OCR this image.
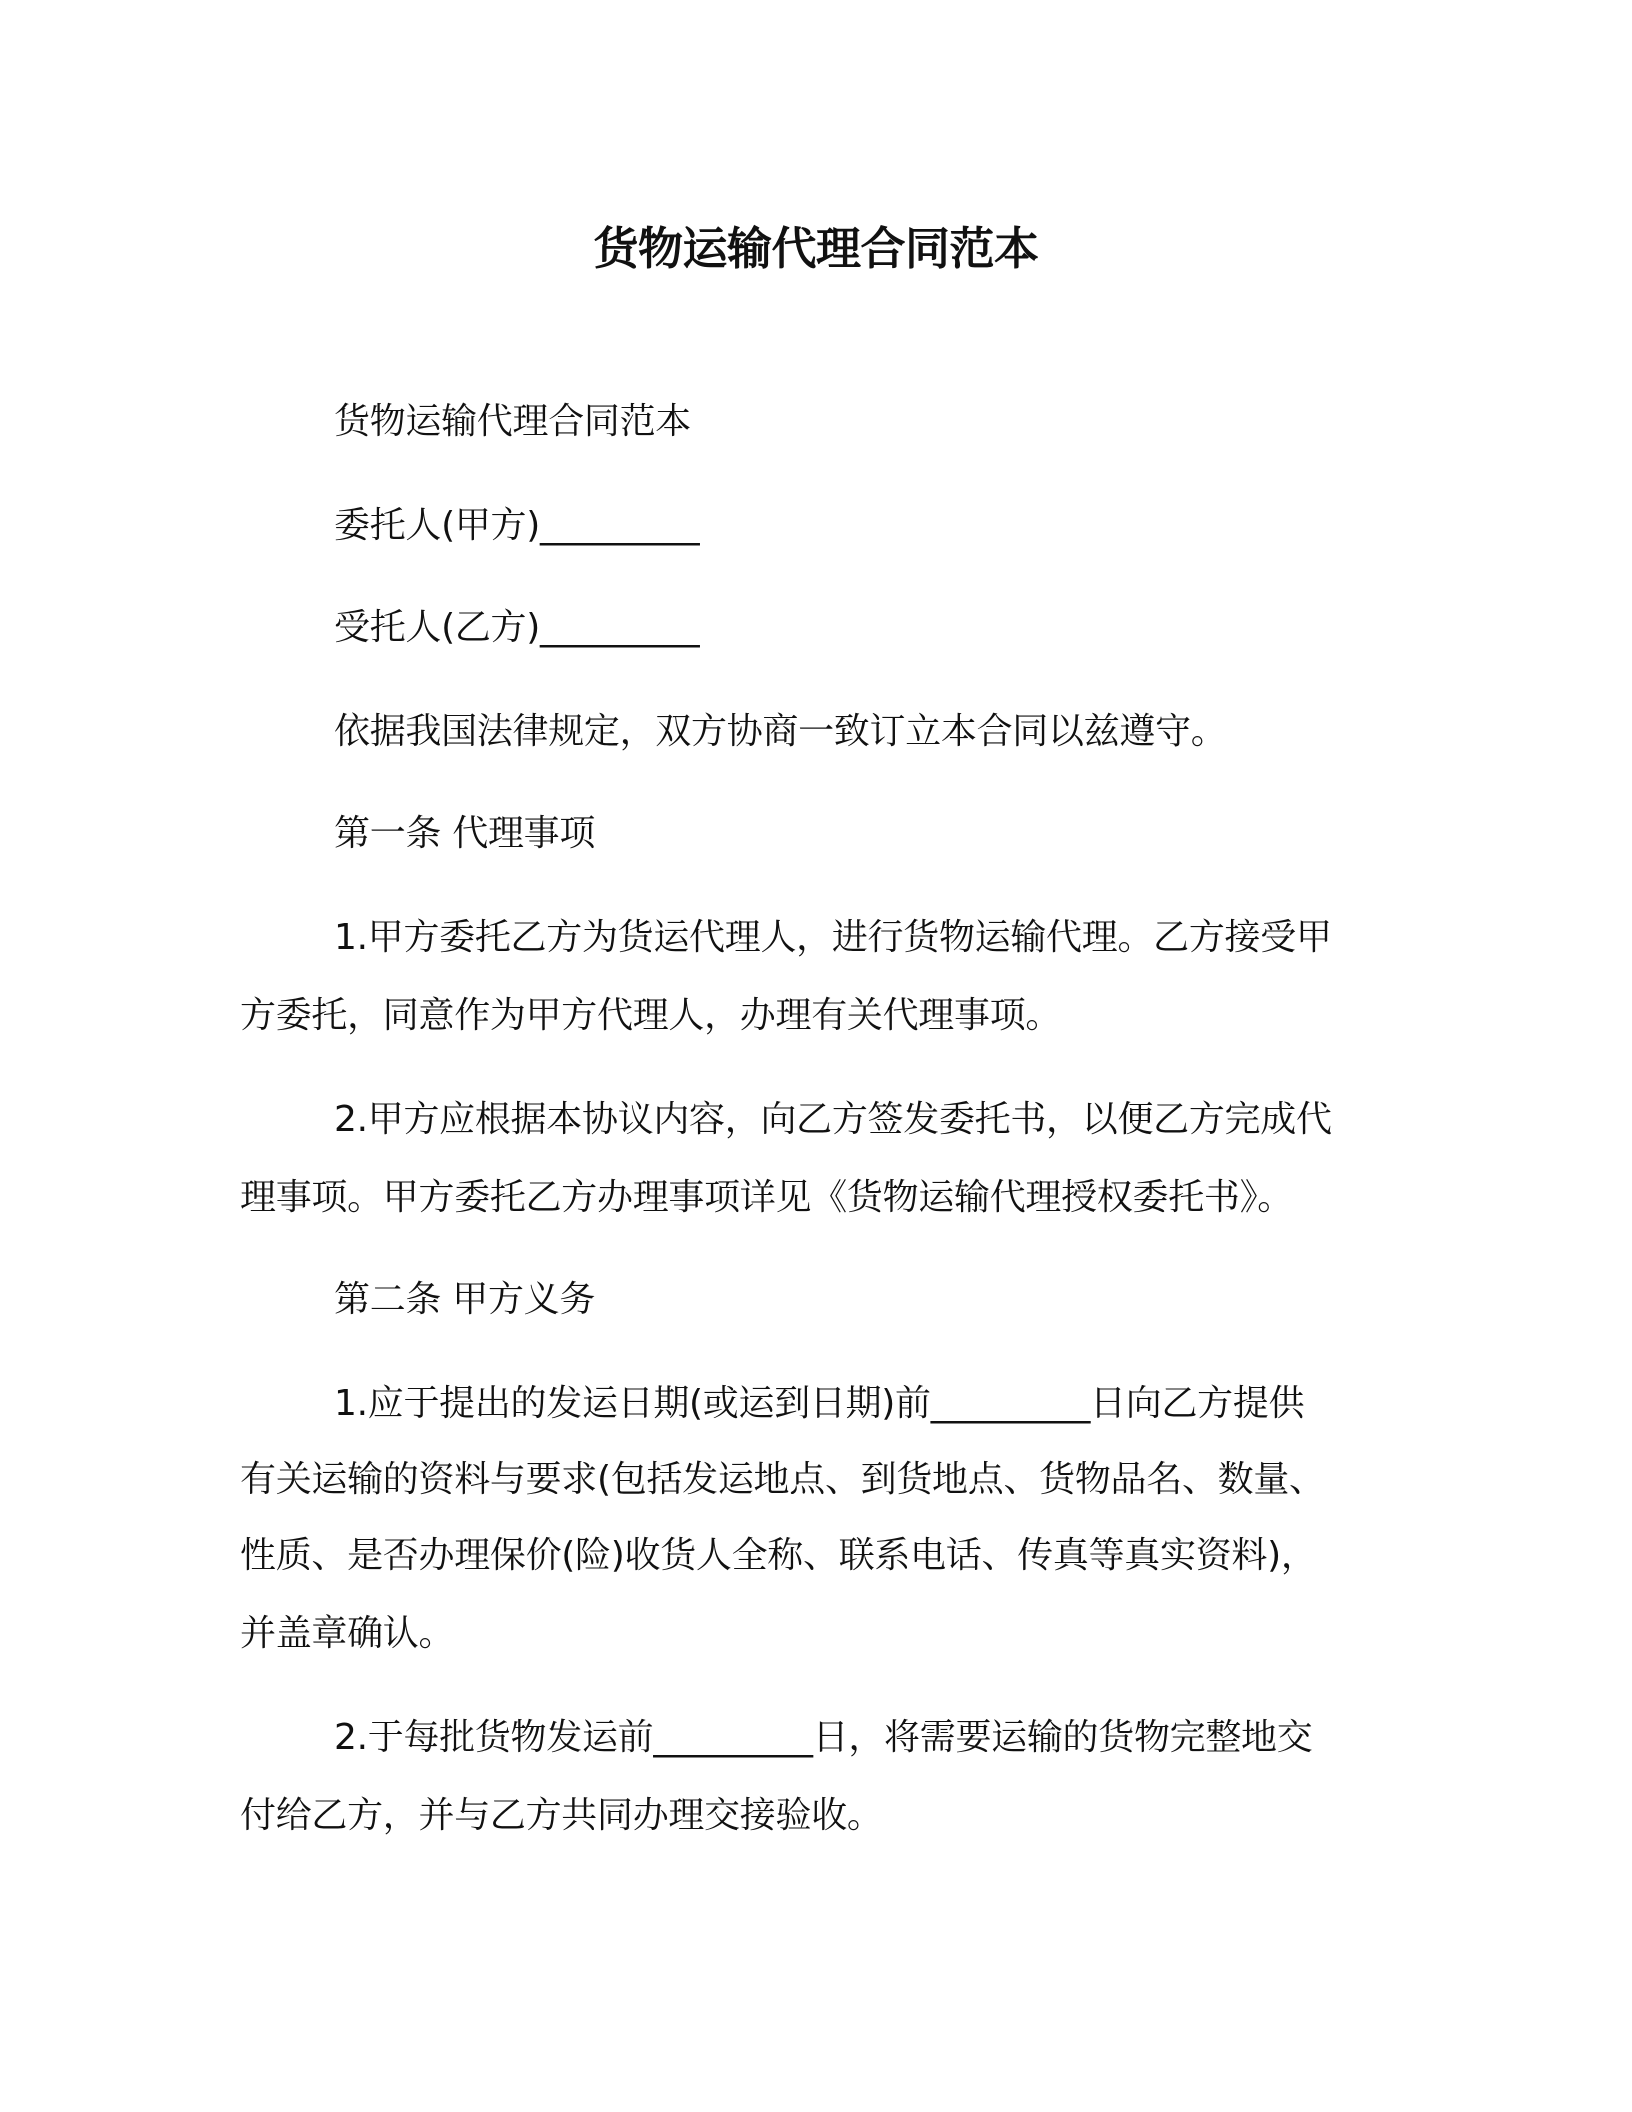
货物运输代理合同范本

货物运输代理合同范本

委托人(甲方)_________

受托人(乙方)_________

依据我国法律规定，双方协商一致订立本合同以兹遵守。

第一条 代理事项

1.甲方委托乙方为货运代理人，进行货物运输代理。乙方接受甲

方委托，同意作为甲方代理人，办理有关代理事项。

2.甲方应根据本协议内容，向乙方签发委托书，以便乙方完成代

理事项。甲方委托乙方办理事项详见《货物运输代理授权委托书》。

第二条 甲方义务

1.应于提出的发运日期(或运到日期)前_________日向乙方提供

有关运输的资料与要求(包括发运地点、到货地点、货物品名、数量、

性质、是否办理保价(险)收货人全称、联系电话、传真等真实资料)，

并盖章确认。

2.于每批货物发运前_________日，将需要运输的货物完整地交

付给乙方，并与乙方共同办理交接验收。
